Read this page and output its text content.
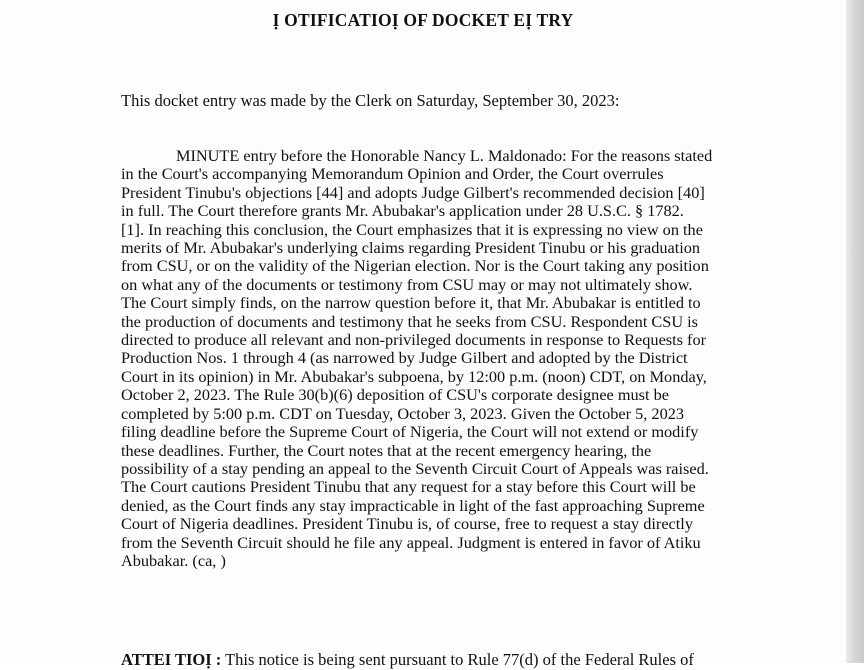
Ị OTIFICATIOỊ OF DOCKET EỊ TRY
This docket entry was made by the Clerk on Saturday, September 30, 2023:
MINUTE entry before the Honorable Nancy L. Maldonado: For the reasons stated
in the Court's accompanying Memorandum Opinion and Order, the Court overrules
President Tinubu's objections [44] and adopts Judge Gilbert's recommended decision [40]
in full. The Court therefore grants Mr. Abubakar's application under 28 U.S.C. § 1782.
[1]. In reaching this conclusion, the Court emphasizes that it is expressing no view on the
merits of Mr. Abubakar's underlying claims regarding President Tinubu or his graduation
from CSU, or on the validity of the Nigerian election. Nor is the Court taking any position
on what any of the documents or testimony from CSU may or may not ultimately show.
The Court simply finds, on the narrow question before it, that Mr. Abubakar is entitled to
the production of documents and testimony that he seeks from CSU. Respondent CSU is
directed to produce all relevant and non-privileged documents in response to Requests for
Production Nos. 1 through 4 (as narrowed by Judge Gilbert and adopted by the District
Court in its opinion) in Mr. Abubakar's subpoena, by 12:00 p.m. (noon) CDT, on Monday,
October 2, 2023. The Rule 30(b)(6) deposition of CSU's corporate designee must be
completed by 5:00 p.m. CDT on Tuesday, October 3, 2023. Given the October 5, 2023
filing deadline before the Supreme Court of Nigeria, the Court will not extend or modify
these deadlines. Further, the Court notes that at the recent emergency hearing, the
possibility of a stay pending an appeal to the Seventh Circuit Court of Appeals was raised.
The Court cautions President Tinubu that any request for a stay before this Court will be
denied, as the Court finds any stay impracticable in light of the fast approaching Supreme
Court of Nigeria deadlines. President Tinubu is, of course, free to request a stay directly
from the Seventh Circuit should he file any appeal. Judgment is entered in favor of Atiku
Abubakar. (ca, )
ATTEI TIOỊ : This notice is being sent pursuant to Rule 77(d) of the Federal Rules of
